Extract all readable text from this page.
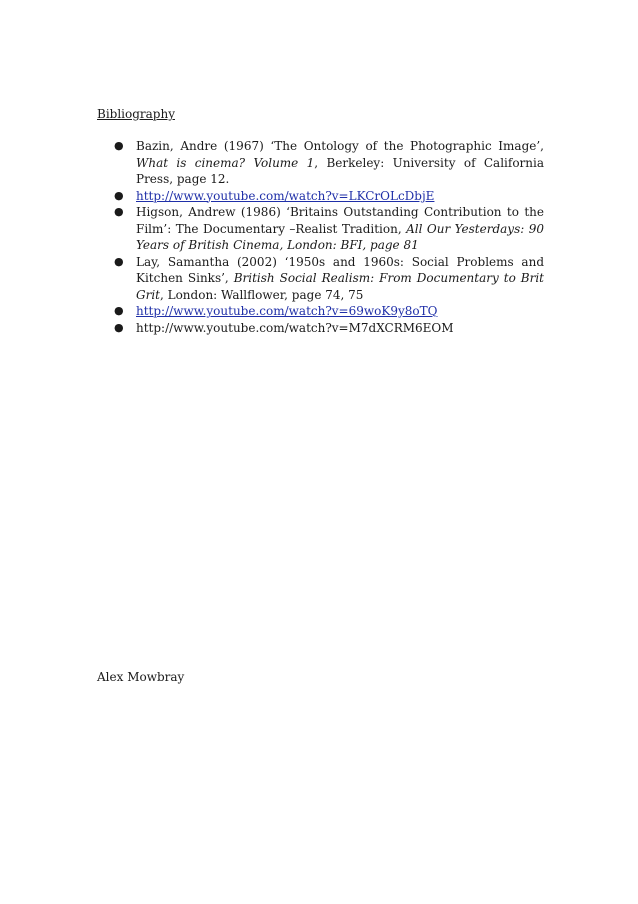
Bibliography

● Bazin, Andre (1967) ‘The Ontology of the Photographic Image’, What is cinema? Volume 1, Berkeley: University of California Press, page 12.
● http://www.youtube.com/watch?v=LKCrOLcDbjE
● Higson, Andrew (1986) ‘Britains Outstanding Contribution to the Film’: The Documentary –Realist Tradition, All Our Yesterdays: 90 Years of British Cinema, London: BFI, page 81
● Lay, Samantha (2002) ‘1950s and 1960s: Social Problems and Kitchen Sinks’, British Social Realism: From Documentary to Brit Grit, London: Wallflower, page 74, 75
● http://www.youtube.com/watch?v=69woK9y8oTQ
● http://www.youtube.com/watch?v=M7dXCRM6EOM

Alex Mowbray
